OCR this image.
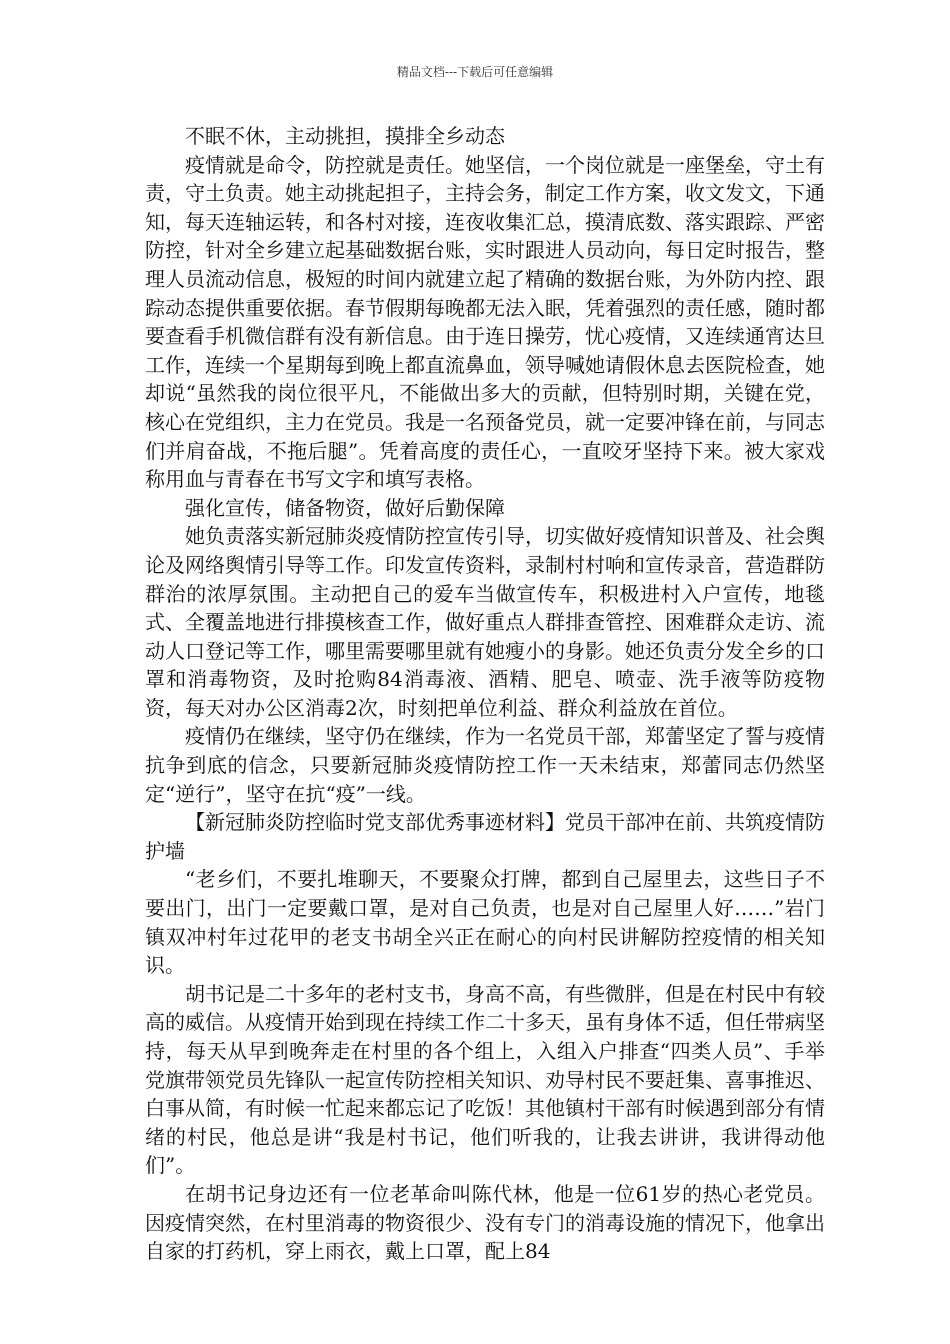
精品文档---下载后可任意编辑

不眠不休，主动挑担，摸排全乡动态

疫情就是命令，防控就是责任。她坚信，一个岗位就是一座堡垒，守土有责，守土负责。她主动挑起担子，主持会务，制定工作方案，收文发文，下通知，每天连轴运转，和各村对接，连夜收集汇总，摸清底数、落实跟踪、严密防控，针对全乡建立起基础数据台账，实时跟进人员动向，每日定时报告，整理人员流动信息，极短的时间内就建立起了精确的数据台账，为外防内控、跟踪动态提供重要依据。春节假期每晚都无法入眠，凭着强烈的责任感，随时都要查看手机微信群有没有新信息。由于连日操劳，忧心疫情，又连续通宵达旦工作，连续一个星期每到晚上都直流鼻血，领导喊她请假休息去医院检查，她却说“虽然我的岗位很平凡，不能做出多大的贡献，但特别时期，关键在党，核心在党组织，主力在党员。我是一名预备党员，就一定要冲锋在前，与同志们并肩奋战，不拖后腿”。凭着高度的责任心，一直咬牙坚持下来。被大家戏称用血与青春在书写文字和填写表格。

强化宣传，储备物资，做好后勤保障

她负责落实新冠肺炎疫情防控宣传引导，切实做好疫情知识普及、社会舆论及网络舆情引导等工作。印发宣传资料，录制村村响和宣传录音，营造群防群治的浓厚氛围。主动把自己的爱车当做宣传车，积极进村入户宣传，地毯式、全覆盖地进行排摸核查工作，做好重点人群排查管控、困难群众走访、流动人口登记等工作，哪里需要哪里就有她瘦小的身影。她还负责分发全乡的口罩和消毒物资，及时抢购84消毒液、酒精、肥皂、喷壶、洗手液等防疫物资，每天对办公区消毒2次，时刻把单位利益、群众利益放在首位。

疫情仍在继续，坚守仍在继续，作为一名党员干部，郑蕾坚定了誓与疫情抗争到底的信念，只要新冠肺炎疫情防控工作一天未结束，郑蕾同志仍然坚定“逆行”，坚守在抗“疫”一线。

【新冠肺炎防控临时党支部优秀事迹材料】党员干部冲在前、共筑疫情防护墙

“老乡们，不要扎堆聊天，不要聚众打牌，都到自己屋里去，这些日子不要出门，出门一定要戴口罩，是对自己负责，也是对自己屋里人好……”岩门镇双冲村年过花甲的老支书胡全兴正在耐心的向村民讲解防控疫情的相关知识。

胡书记是二十多年的老村支书，身高不高，有些微胖，但是在村民中有较高的威信。从疫情开始到现在持续工作二十多天，虽有身体不适，但任带病坚持，每天从早到晚奔走在村里的各个组上，入组入户排查“四类人员”、手举党旗带领党员先锋队一起宣传防控相关知识、劝导村民不要赶集、喜事推迟、白事从简，有时候一忙起来都忘记了吃饭！其他镇村干部有时候遇到部分有情绪的村民，他总是讲“我是村书记，他们听我的，让我去讲讲，我讲得动他们”。

在胡书记身边还有一位老革命叫陈代林，他是一位61岁的热心老党员。因疫情突然，在村里消毒的物资很少、没有专门的消毒设施的情况下，他拿出自家的打药机，穿上雨衣，戴上口罩，配上84
